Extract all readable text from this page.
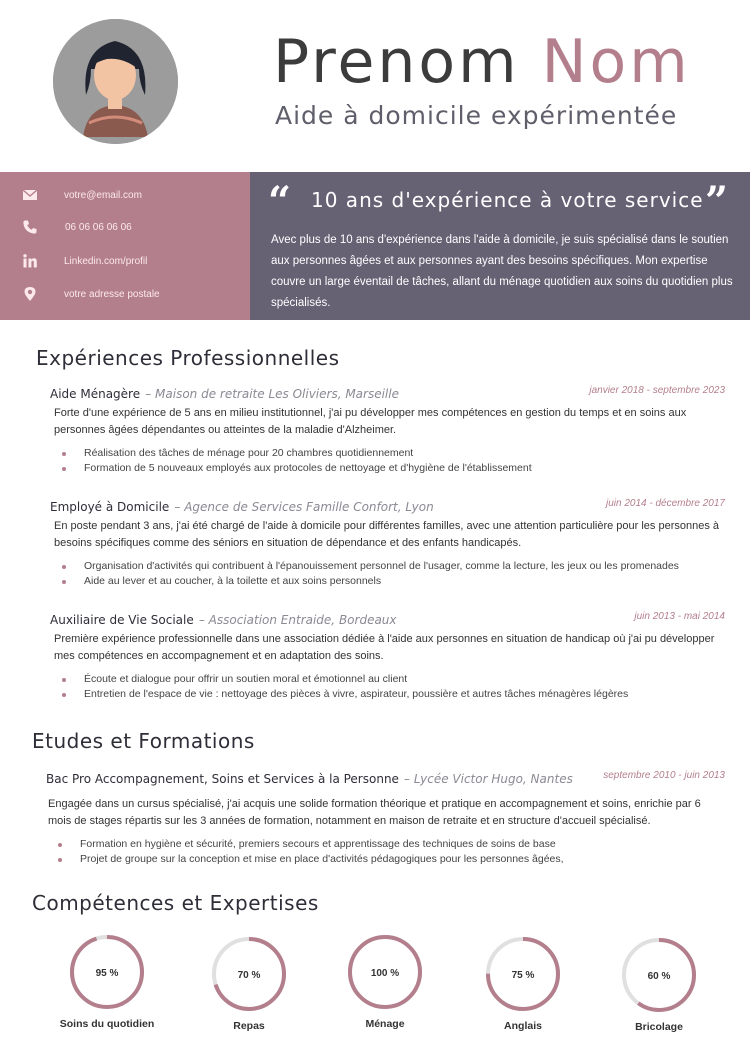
Prenom Nom
Aide à domicile expérimentée
votre@email.com
06 06 06 06 06
Linkedin.com/profil
votre adresse postale
“	”
10 ans d'expérience à votre service
Avec plus de 10 ans d'expérience dans l'aide à domicile, je suis spécialisé dans le soutien aux personnes âgées et aux personnes ayant des besoins spécifiques. Mon expertise couvre un large éventail de tâches, allant du ménage quotidien aux soins du quotidien plus spécialisés.
Expériences Professionnelles
Aide Ménagère – Maison de retraite Les Oliviers, Marseille	janvier 2018 - septembre 2023
Forte d'une expérience de 5 ans en milieu institutionnel, j'ai pu développer mes compétences en gestion du temps et en soins aux personnes âgées dépendantes ou atteintes de la maladie d'Alzheimer.
Réalisation des tâches de ménage pour 20 chambres quotidiennement
Formation de 5 nouveaux employés aux protocoles de nettoyage et d'hygiène de l'établissement
Employé à Domicile – Agence de Services Famille Confort, Lyon	juin 2014 - décembre 2017
En poste pendant 3 ans, j'ai été chargé de l'aide à domicile pour différentes familles, avec une attention particulière pour les personnes à besoins spécifiques comme des séniors en situation de dépendance et des enfants handicapés.
Organisation d'activités qui contribuent à l'épanouissement personnel de l'usager, comme la lecture, les jeux ou les promenades
Aide au lever et au coucher, à la toilette et aux soins personnels
Auxiliaire de Vie Sociale – Association Entraide, Bordeaux	juin 2013 - mai 2014
Première expérience professionnelle dans une association dédiée à l'aide aux personnes en situation de handicap où j'ai pu développer mes compétences en accompagnement et en adaptation des soins.
Écoute et dialogue pour offrir un soutien moral et émotionnel au client
Entretien de l'espace de vie : nettoyage des pièces à vivre, aspirateur, poussière et autres tâches ménagères légères
Etudes et Formations
Bac Pro Accompagnement, Soins et Services à la Personne – Lycée Victor Hugo, Nantes	septembre 2010 - juin 2013
Engagée dans un cursus spécialisé, j'ai acquis une solide formation théorique et pratique en accompagnement et soins, enrichie par 6 mois de stages répartis sur les 3 années de formation, notamment en maison de retraite et en structure d'accueil spécialisé.
Formation en hygiène et sécurité, premiers secours et apprentissage des techniques de soins de base
Projet de groupe sur la conception et mise en place d'activités pédagogiques pour les personnes âgées,
Compétences et Expertises
95 %
Soins du quotidien
70 %
Repas
100 %
Ménage
75 %
Anglais
60 %
Bricolage
